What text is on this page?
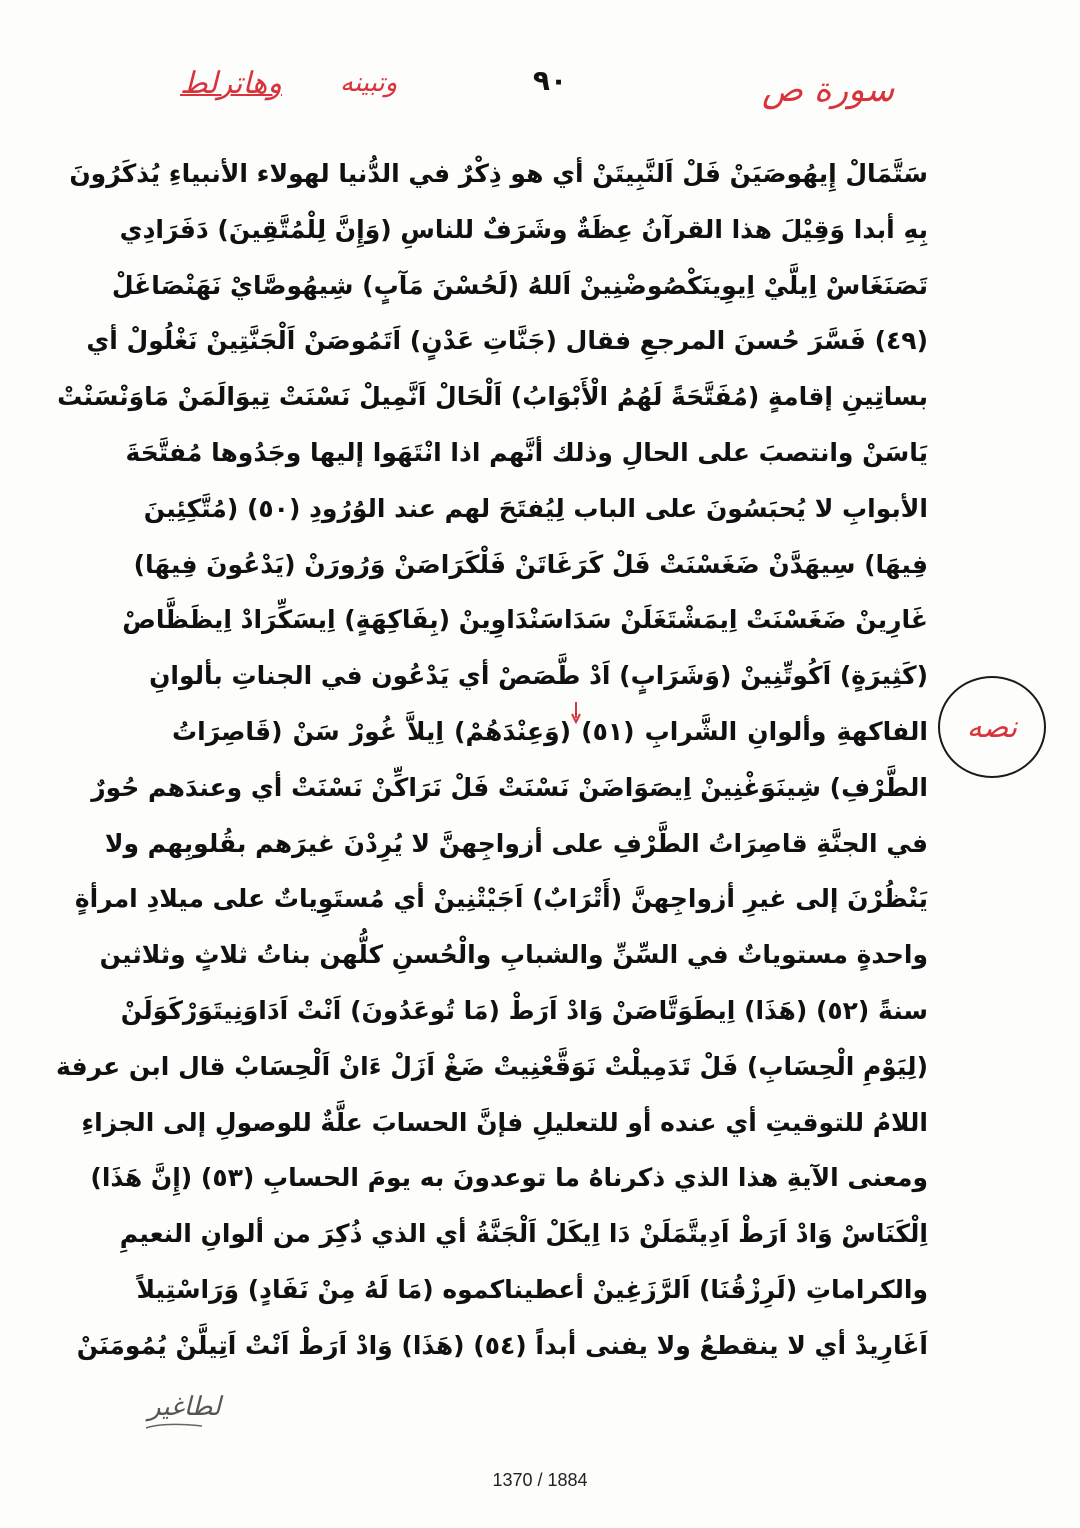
سورة ص
٩٠
وتبينه
وهاترلط
سَتَّمَالْ إِيهُوصَيَنْ فَلْ اَلنَّبِيتَنْ أي هو ذِكْرٌ في الدُّنيا لهولاء الأنبياءِ يُذكَرُونَ
بِهِ أبدا وَقِيْلَ هذا القرآنُ عِظَةٌ وشَرَفٌ للناسِ (وَإِنَّ لِلْمُتَّقِينَ) دَفَرَادِي
تَصَنَغَاسْ اِيلَّيْ اِيوِينَكْصُوضْنِينْ اَللهُ (لَحُسْنَ مَآبٍ) شِيهُوصَّايْ نَهَنْصَاغَلْ
(٤٩) فَسَّرَ حُسنَ المرجعِ فقال (جَنَّاتِ عَدْنٍ) اَتَمُوصَنْ اَلْجَنَّتِينْ نَغْلُولْ أي
بساتِينِ إقامةٍ (مُفَتَّحَةً لَهُمُ الْأَبْوَابُ) اَلْحَالْ اَنَّمِيلْ نَسْنَتْ تِيوَالَمَنْ مَاوَنْسَنْتْ
يَاسَنْ وانتصبَ على الحالِ وذلك أنَّهم اذا انْتَهَوا إليها وجَدُوها مُفتَّحَةَ
الأبوابِ لا يُحبَسُونَ على الباب لِيُفتَحَ لهم عند الوُرُودِ (٥٠) (مُتَّكِئِينَ
فِيهَا) سِيهَدَّنْ ضَغَسْنَتْ فَلْ كَرَغَاتَنْ فَلْكَرَاصَنْ وَرُورَنْ (يَدْعُونَ فِيهَا)
غَارِينْ ضَغَسْنَتْ اِيمَشْتَغَلَنْ سَدَاسَنْدَاوِينْ (بِفَاكِهَةٍ) اِيسَكِّرَادْ اِيظَظَّاصْ
(كَثِيرَةٍ) اَكُوتِّنِينْ (وَشَرَابٍ) اَدْ طَّصَصْ أي يَدْعُون في الجناتِ بألوانِ
الفاكهةِ وألوانِ الشَّرابِ (٥١) (وَعِنْدَهُمْ) اِيلاَّ غُورْ سَنْ (قَاصِرَاتُ
الطَّرْفِ) شِينَوَغْنِينْ اِيصَوَاضَنْ نَسْنَتْ فَلْ نَرَاكِّنْ نَسْنَتْ أي وعندَهم حُورٌ
في الجنَّةِ قاصِرَاتُ الطَّرْفِ على أزواجِهنَّ لا يُرِدْنَ غيرَهم بقُلوبِهم ولا
يَنْظُرْنَ إلى غيرِ أزواجِهنَّ (أَتْرَابٌ) اَجَيْتْنِينْ أي مُستَوِياتٌ على ميلادِ امرأةٍ
واحدةٍ مستوياتٌ في السِّنِّ والشبابِ والْحُسنِ كلُّهن بناتُ ثلاثٍ وثلاثين
سنةً (٥٢) (هَذَا) اِيطَوَتَّاصَنْ وَادْ اَرَطْ (مَا تُوعَدُونَ) اَنْتْ اَدَاوَنِيتَوَرْكَوَلَنْ
(لِيَوْمِ الْحِسَابِ) فَلْ تَدَمِيلْتْ نَوَقَّعْنِيتْ ضَغْ اَزَلْ ءَانْ اَلْحِسَابْ قال ابن عرفة
اللامُ للتوقيتِ أي عنده أو للتعليلِ فإنَّ الحسابَ علَّةٌ للوصولِ إلى الجزاءِ
ومعنى الآيةِ هذا الذي ذكرناهُ ما توعدونَ به يومَ الحسابِ (٥٣) (إِنَّ هَذَا)
اِلْكَنَاسْ وَادْ اَرَطْ اَدِيتَّمَلَنْ دَا اِيكَلْ اَلْجَنَّةُ أي الذي ذُكِرَ من ألوانِ النعيمِ
والكراماتِ (لَرِزْقُنَا) اَلرَّزَغِينْ أعطيناكموه (مَا لَهُ مِنْ نَفَادٍ) وَرَاسْتِيلاً
اَغَارِيدْ أي لا ينقطعُ ولا يفنى أبداً (٥٤) (هَذَا) وَادْ اَرَطْ اَنْتْ اَتِيلَّنْ يُمُومَنَنْ
نصه
لطاغير
1370 / 1884
